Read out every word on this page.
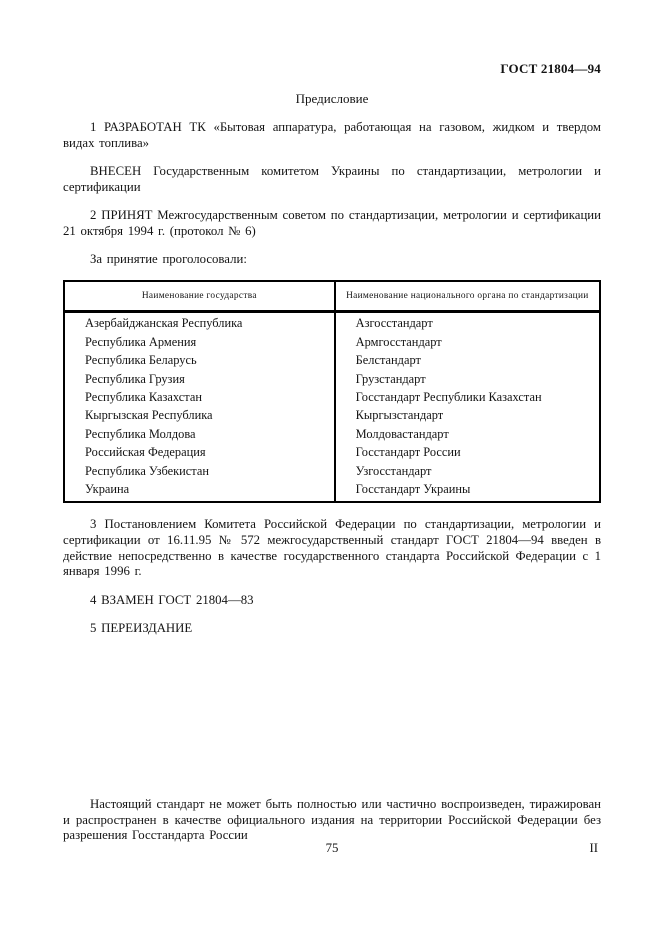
ГОСТ 21804—94
Предисловие

1 РАЗРАБОТАН ТК «Бытовая аппаратура, работающая на газовом, жидком и твердом видах топлива»

ВНЕСЕН Государственным комитетом Украины по стандартизации, метрологии и сертификации

2 ПРИНЯТ Межгосударственным советом по стандартизации, метрологии и сертификации 21 октября 1994 г. (протокол № 6)

За принятие проголосовали:

Наименование государства	Наименование национального органа по стандартизации
Азербайджанская Республика	Азгосстандарт
Республика Армения	Армгосстандарт
Республика Беларусь	Белстандарт
Республика Грузия	Грузстандарт
Республика Казахстан	Госстандарт Республики Казахстан
Кыргызская Республика	Кыргызстандарт
Республика Молдова	Молдовастандарт
Российская Федерация	Госстандарт России
Республика Узбекистан	Узгосстандарт
Украина	Госстандарт Украины

3 Постановлением Комитета Российской Федерации по стандартизации, метрологии и сертификации от 16.11.95 № 572 межгосударственный стандарт ГОСТ 21804—94 введен в действие непосредственно в качестве государственного стандарта Российской Федерации с 1 января 1996 г.

4 ВЗАМЕН ГОСТ 21804—83

5 ПЕРЕИЗДАНИЕ

Настоящий стандарт не может быть полностью или частично воспроизведен, тиражирован и распространен в качестве официального издания на территории Российской Федерации без разрешения Госстандарта России
75	II
